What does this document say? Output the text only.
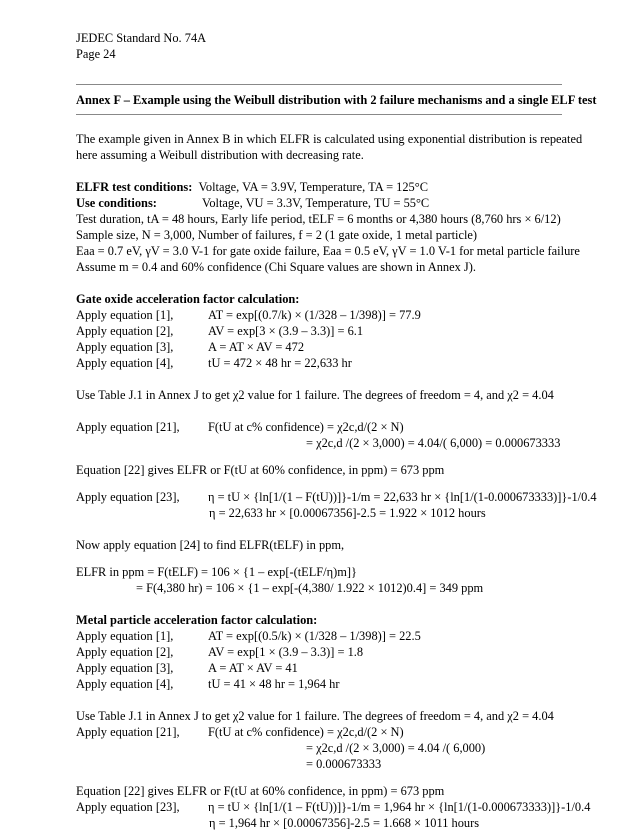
JEDEC Standard No. 74A
Page 24
Annex F – Example using the Weibull distribution with 2 failure mechanisms and a single ELF test
The example given in Annex B in which ELFR is calculated using exponential distribution is repeated
here assuming a Weibull distribution with decreasing rate.
ELFR test conditions:
Voltage, VA = 3.9V, Temperature, TA = 125°C
Use conditions:	Voltage, VU = 3.3V, Temperature, TU = 55°C
Test duration, tA = 48 hours, Early life period, tELF = 6 months or 4,380 hours (8,760 hrs × 6/12)
Sample size, N = 3,000, Number of failures, f = 2 (1 gate oxide, 1 metal particle)
Eaa = 0.7 eV, γV = 3.0 V-1 for gate oxide failure, Eaa = 0.5 eV, γV = 1.0 V-1 for metal particle failure
Assume m = 0.4 and 60% confidence (Chi Square values are shown in Annex J).
Gate oxide acceleration factor calculation:
Apply equation [1],	AT = exp[(0.7/k) × (1/328 – 1/398)] = 77.9
Apply equation [2],	AV = exp[3 × (3.9 – 3.3)] = 6.1
Apply equation [3],	A = AT × AV = 472
Apply equation [4],	tU = 472 × 48 hr = 22,633 hr
Use Table J.1 in Annex J to get χ2 value for 1 failure. The degrees of freedom = 4, and χ2 = 4.04
Apply equation [21],	F(tU at c% confidence) = χ2c,d/(2 × N)
= χ2c,d /(2 × 3,000) = 4.04/( 6,000) = 0.000673333
Equation [22] gives ELFR or F(tU at 60% confidence, in ppm) = 673 ppm
Apply equation [23],	η = tU × {ln[1/(1 – F(tU))]}-1/m = 22,633 hr × {ln[1/(1-0.000673333)]}-1/0.4
η = 22,633 hr × [0.00067356]-2.5 = 1.922 × 1012 hours
Now apply equation [24] to find ELFR(tELF) in ppm,
ELFR in ppm = F(tELF) = 106 × {1 – exp[-(tELF/η)m]}
= F(4,380 hr) = 106 × {1 – exp[-(4,380/ 1.922 × 1012)0.4] = 349 ppm
Metal particle acceleration factor calculation:
Apply equation [1],	AT = exp[(0.5/k) × (1/328 – 1/398)] = 22.5
Apply equation [2],	AV = exp[1 × (3.9 – 3.3)] = 1.8
Apply equation [3],	A = AT × AV = 41
Apply equation [4],	tU = 41 × 48 hr = 1,964 hr
Use Table J.1 in Annex J to get χ2 value for 1 failure. The degrees of freedom = 4, and χ2 = 4.04
Apply equation [21],	F(tU at c% confidence) = χ2c,d/(2 × N)
= χ2c,d /(2 × 3,000) = 4.04 /( 6,000)
= 0.000673333
Equation [22] gives ELFR or F(tU at 60% confidence, in ppm) = 673 ppm
Apply equation [23],	η = tU × {ln[1/(1 – F(tU))]}-1/m = 1,964 hr × {ln[1/(1-0.000673333)]}-1/0.4
η = 1,964 hr × [0.00067356]-2.5 = 1.668 × 1011 hours
